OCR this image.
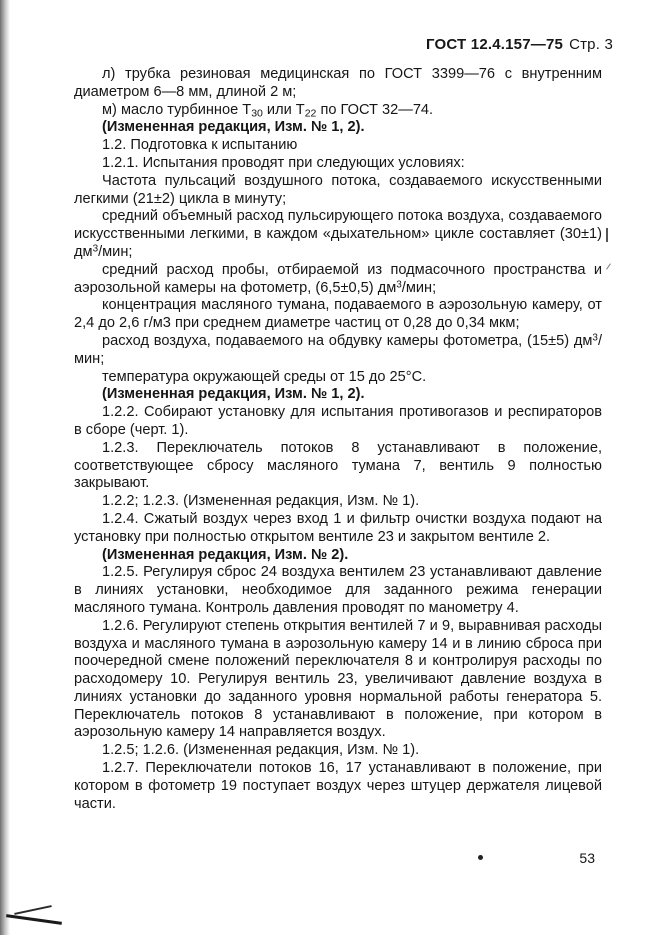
ГОСТ 12.4.157—75 Стр. 3

л) трубка резиновая медицинская по ГОСТ 3399—76 с внутренним диаметром 6—8 мм, длиной 2 м;

м) масло турбинное $Т_{30}$ или $Т_{22}$ по ГОСТ 32—74.

(Измененная редакция, Изм. № 1, 2).

1.2. Подготовка к испытанию

1.2.1. Испытания проводят при следующих условиях:

Частота пульсаций воздушного потока, создаваемого искусственными легкими (21±2) цикла в минуту;

средний объемный расход пульсирующего потока воздуха, создаваемого искусственными легкими, в каждом «дыхательном» цикле составляет (30±1) $дм^3$/мин;

средний расход пробы, отбираемой из подмасочного пространства и аэрозольной камеры на фотометр, (6,5±0,5) $дм^3$/мин;

концентрация масляного тумана, подаваемого в аэрозольную камеру, от 2,4 до 2,6 г/м3 при среднем диаметре частиц от 0,28 до 0,34 мкм;

расход воздуха, подаваемого на обдувку камеры фотометра, (15±5) $дм^3$/мин;

температура окружающей среды от 15 до 25°С.

(Измененная редакция, Изм. № 1, 2).

1.2.2. Собирают установку для испытания противогазов и респираторов в сборе (черт. 1).

1.2.3. Переключатель потоков 8 устанавливают в положение, соответствующее сбросу масляного тумана 7, вентиль 9 полностью закрывают.

1.2.2; 1.2.3. (Измененная редакция, Изм. № 1).

1.2.4. Сжатый воздух через вход 1 и фильтр очистки воздуха подают на установку при полностью открытом вентиле 23 и закрытом вентиле 2.

(Измененная редакция, Изм. № 2).

1.2.5. Регулируя сброс 24 воздуха вентилем 23 устанавливают давление в линиях установки, необходимое для заданного режима генерации масляного тумана. Контроль давления проводят по манометру 4.

1.2.6. Регулируют степень открытия вентилей 7 и 9, выравнивая расходы воздуха и масляного тумана в аэрозольную камеру 14 и в линию сброса при поочередной смене положений переключателя 8 и контролируя расходы по расходомеру 10. Регулируя вентиль 23, увеличивают давление воздуха в линиях установки до заданного уровня нормальной работы генератора 5. Переключатель потоков 8 устанавливают в положение, при котором в аэрозольную камеру 14 направляется воздух.

1.2.5; 1.2.6. (Измененная редакция, Изм. № 1).

1.2.7. Переключатели потоков 16, 17 устанавливают в положение, при котором в фотометр 19 поступает воздух через штуцер держателя лицевой части.

53
